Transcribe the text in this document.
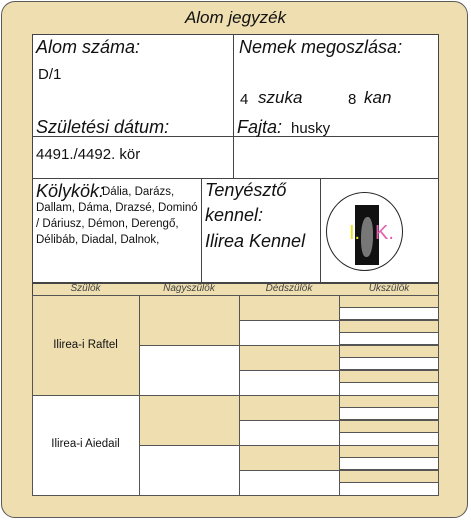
Alom jegyzék
Alom száma:
D/1
Nemek megoszlása:
4 szuka	8 kan
Születési dátum:
4491./4492. kör
Fajta: husky
Kölykök:
Dália, Darázs, Dallam, Dáma, Drazsé, Dominó / Dáriusz, Démon, Derengő, Délibáb, Diadal, Dalnok,
Tenyésztő
kennel:
Ilirea Kennel I. K.
Szülők	Nagyszülők	Dédszülők	Ükszülők
Ilirea-i Raftel
Ilirea-i Aiedail
